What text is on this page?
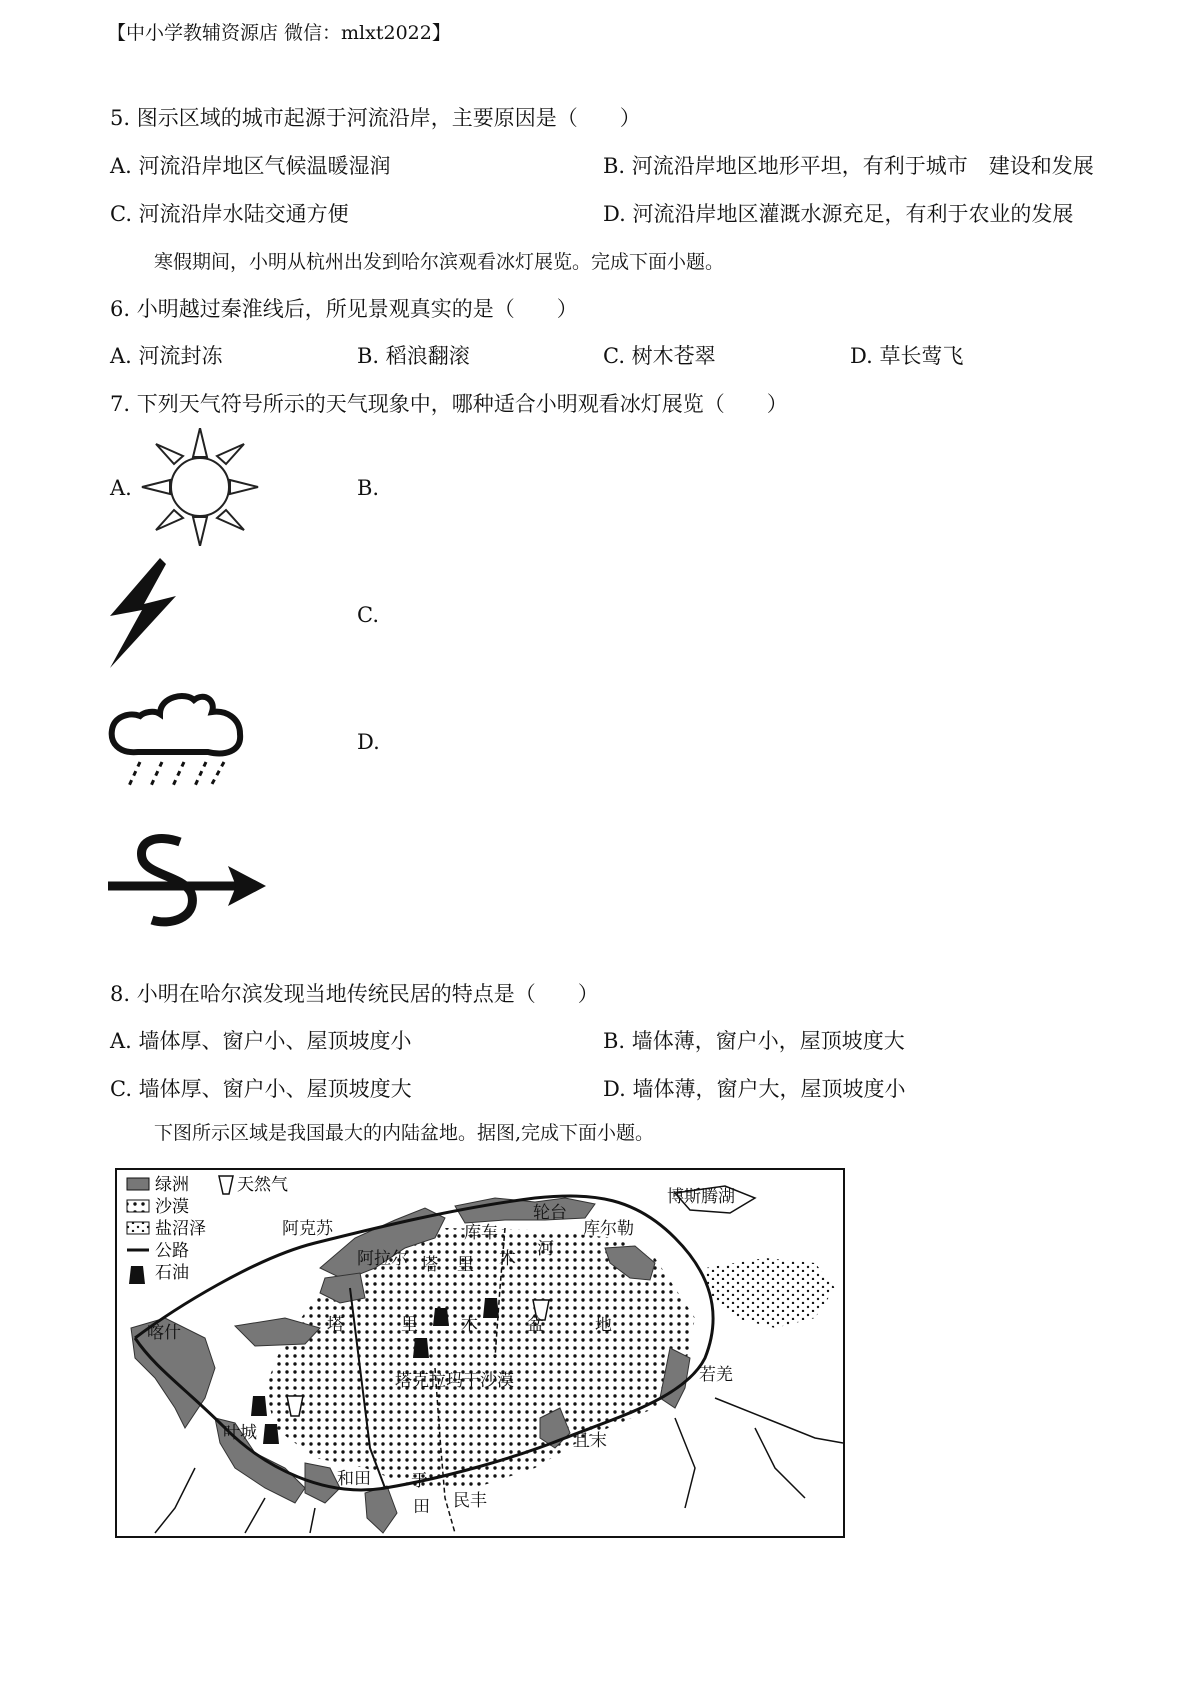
【中小学教辅资源店 微信：mlxt2022】
5. 图示区域的城市起源于河流沿岸，主要原因是（　　）
A. 河流沿岸地区气候温暖湿润	B. 河流沿岸地区地形平坦，有利于城市　建设和发展
C. 河流沿岸水陆交通方便	D. 河流沿岸地区灌溉水源充足，有利于农业的发展
寒假期间，小明从杭州出发到哈尔滨观看冰灯展览。完成下面小题。
6. 小明越过秦淮线后，所见景观真实的是（　　）
A. 河流封冻	B. 稻浪翻滚	C. 树木苍翠	D. 草长莺飞
7. 下列天气符号所示的天气现象中，哪种适合小明观看冰灯展览（　　）
A.	B.
C.
D.
8. 小明在哈尔滨发现当地传统民居的特点是（　　）
A. 墙体厚、窗户小、屋顶坡度小	B. 墙体薄，窗户小，屋顶坡度大
C. 墙体厚、窗户小、屋顶坡度大	D. 墙体薄，窗户大，屋顶坡度小
下图所示区域是我国最大的内陆盆地。据图,完成下面小题。
绿洲	天然气
沙漠
盐沼泽
公路
石油
博斯腾湖
轮台
库车
阿克苏
阿拉尔
库尔勒
喀什
叶城
和田 于
田 民丰
且末
若羌
塔克拉玛干沙漠
塔 里 木
河
塔	里	木	盆	地
